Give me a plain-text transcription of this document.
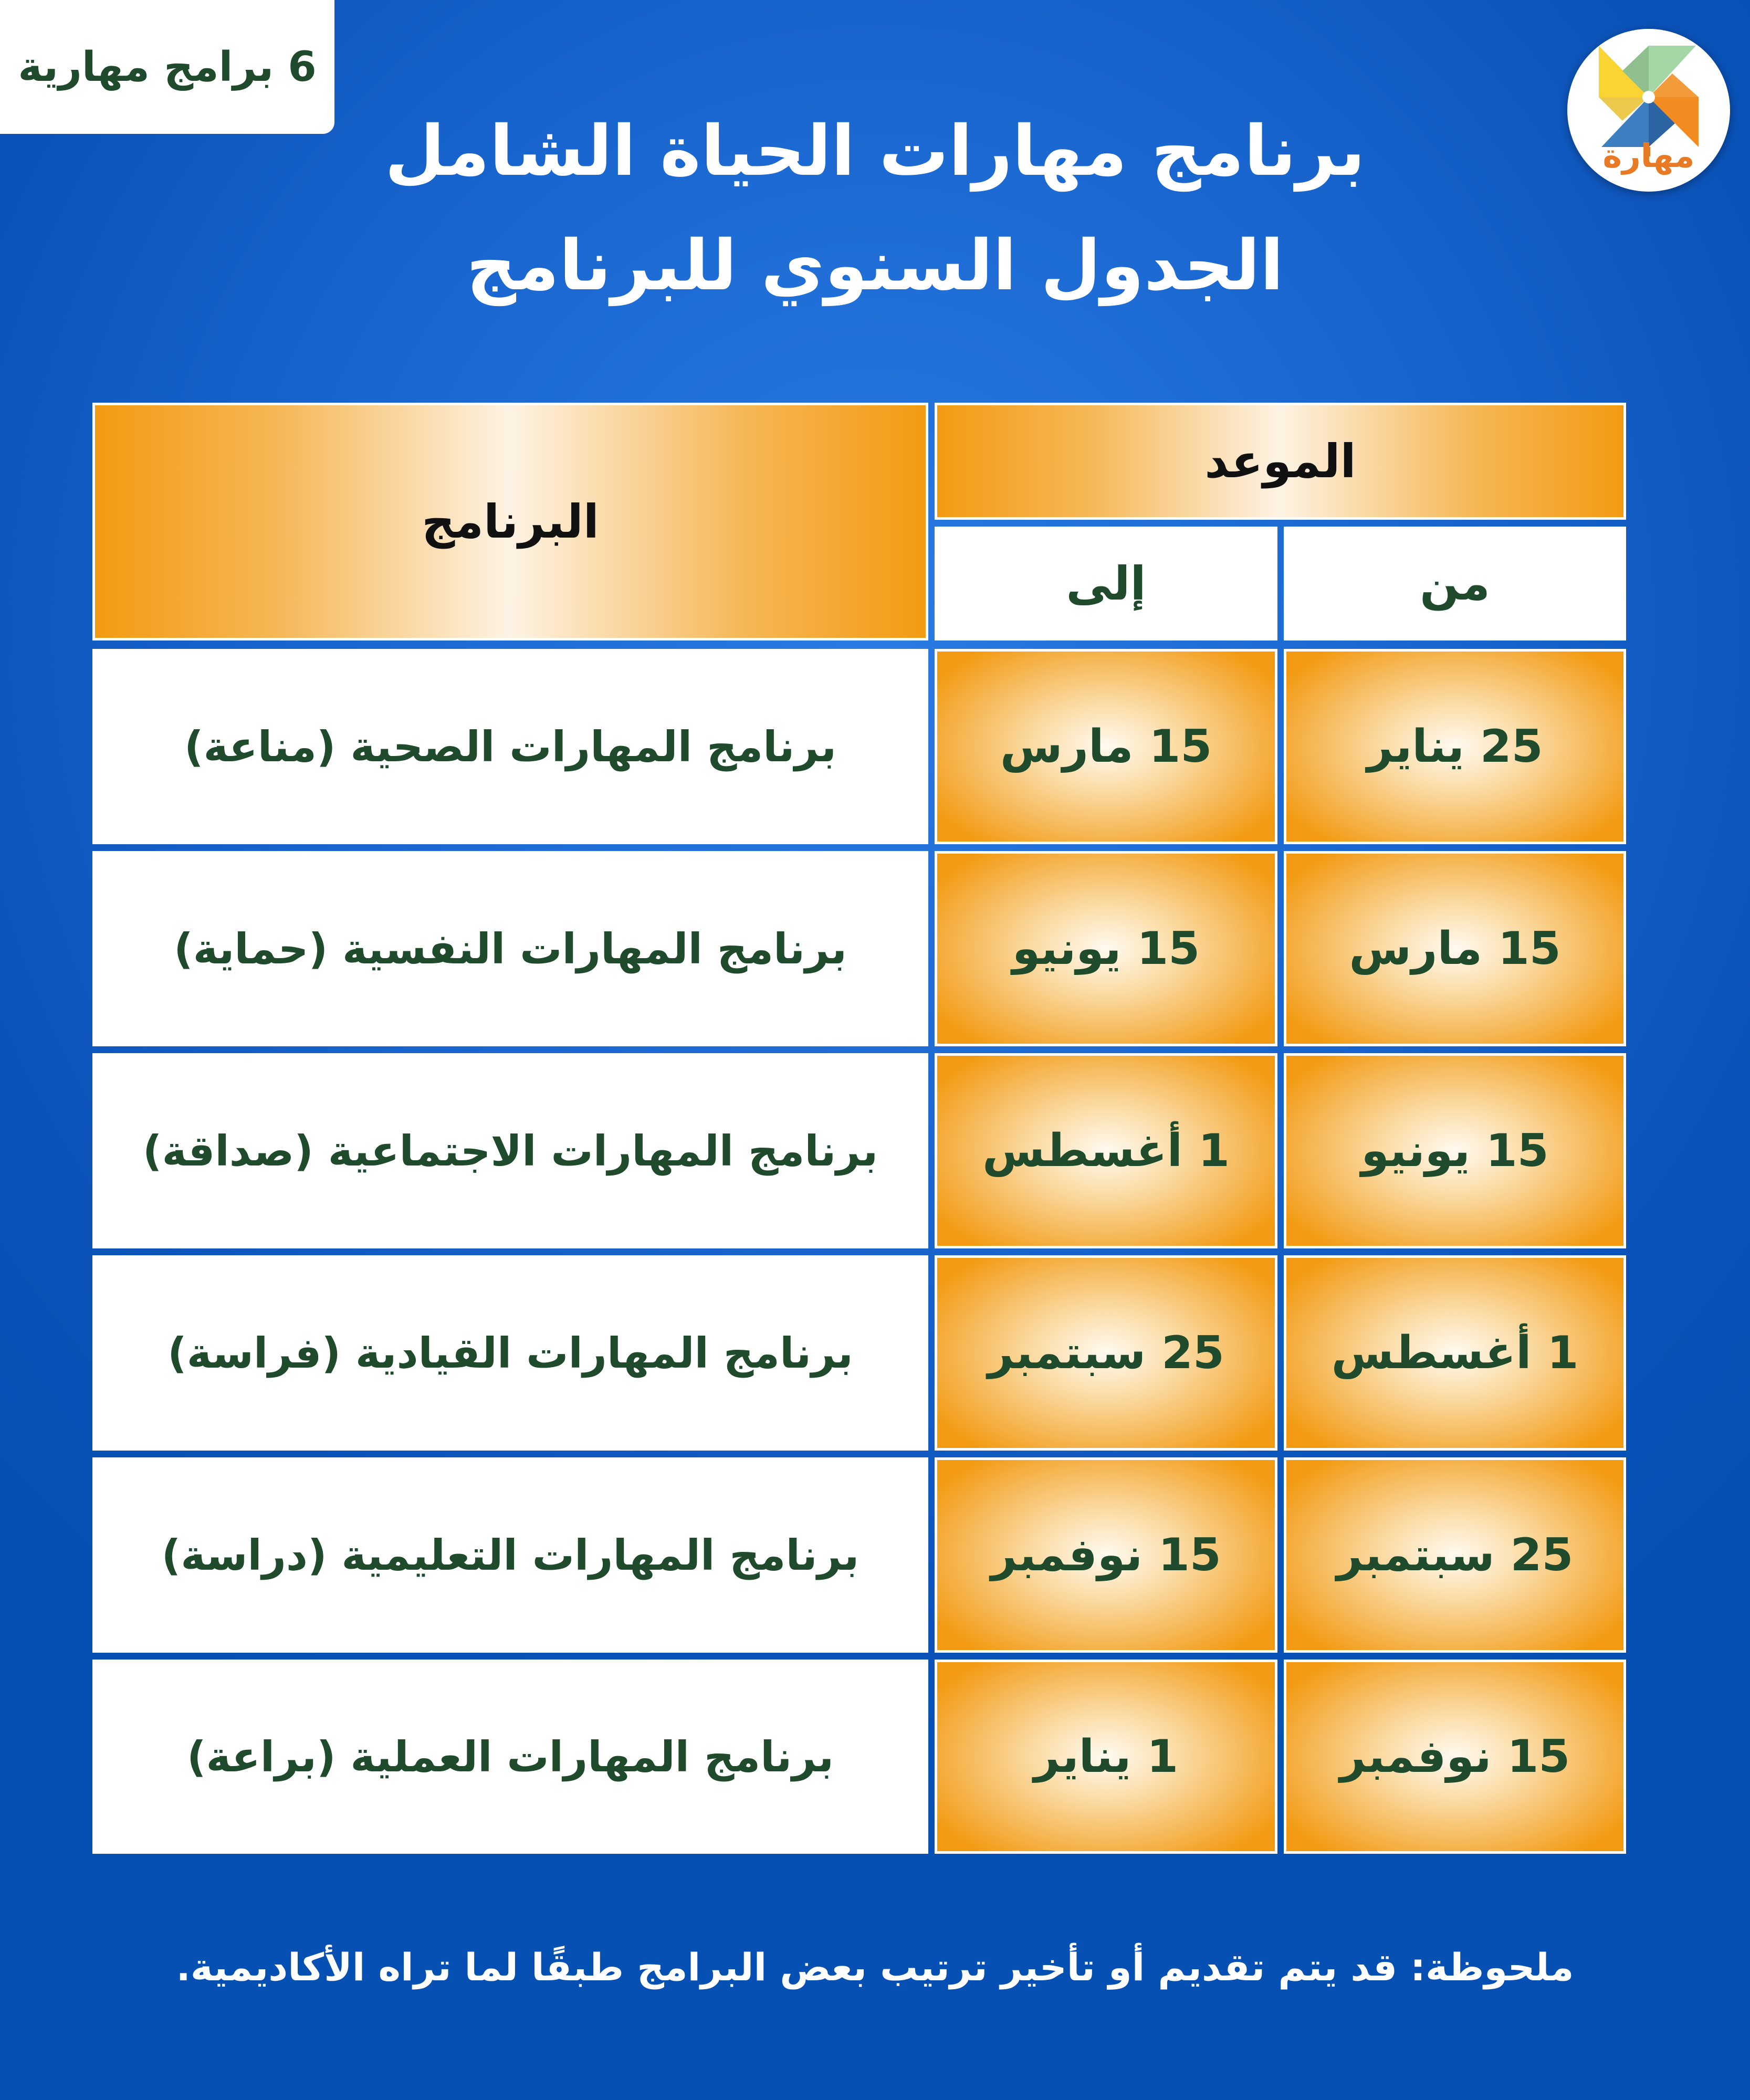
6 برامج مهارية
مهارة
برنامج مهارات الحياة الشامل
الجدول السنوي للبرنامج
البرنامج
الموعد
إلى	من
برنامج المهارات الصحية (مناعة)	15 مارس	25 يناير
برنامج المهارات النفسية (حماية)	15 يونيو	15 مارس
برنامج المهارات الاجتماعية (صداقة) 1 أغسطس	15 يونيو
برنامج المهارات القيادية (فراسة)	25 سبتمبر 1 أغسطس
برنامج المهارات التعليمية (دراسة)	15 نوفمبر	25 سبتمبر
برنامج المهارات العملية (براعة)	1 يناير	15 نوفمبر
ملحوظة: قد يتم تقديم أو تأخير ترتيب بعض البرامج طبقًا لما تراه الأكاديمية.
